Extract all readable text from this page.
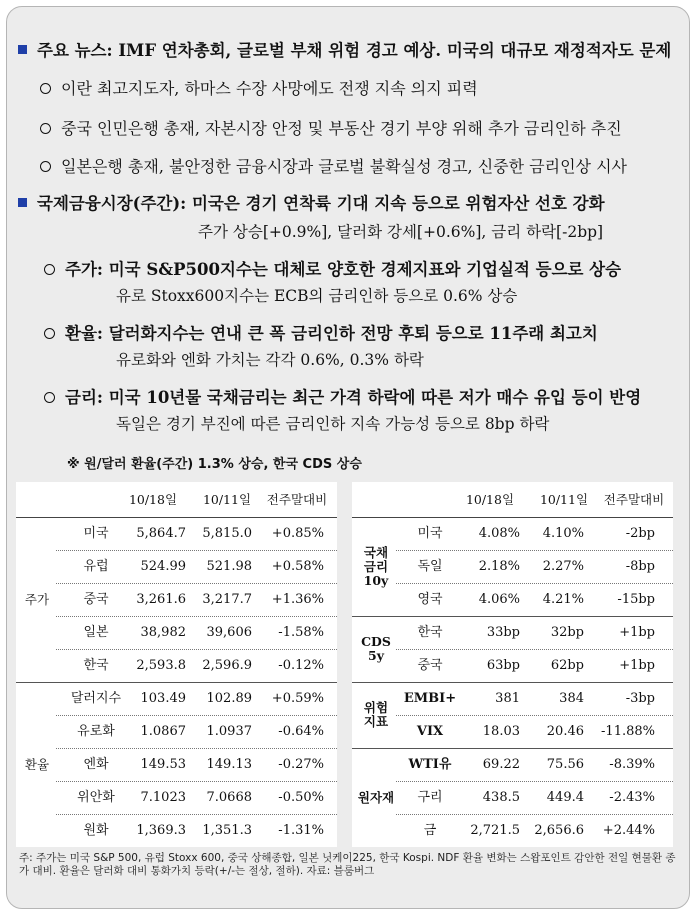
주요 뉴스: IMF 연차총회, 글로벌 부채 위험 경고 예상. 미국의 대규모 재정적자도 문제
이란 최고지도자, 하마스 수장 사망에도 전쟁 지속 의지 피력
중국 인민은행 총재, 자본시장 안정 및 부동산 경기 부양 위해 추가 금리인하 추진
일본은행 총재, 불안정한 금융시장과 글로벌 불확실성 경고, 신중한 금리인상 시사
국제금융시장(주간): 미국은 경기 연착륙 기대 지속 등으로 위험자산 선호 강화
주가 상승[+0.9%], 달러화 강세[+0.6%], 금리 하락[-2bp]
주가: 미국 S&P500지수는 대체로 양호한 경제지표와 기업실적 등으로 상승
유로 Stoxx600지수는 ECB의 금리인하 등으로 0.6% 상승
환율: 달러화지수는 연내 큰 폭 금리인하 전망 후퇴 등으로 11주래 최고치
유로화와 엔화 가치는 각각 0.6%, 0.3% 하락
금리: 미국 10년물 국채금리는 최근 가격 하락에 따른 저가 매수 유입 등이 반영
독일은 경기 부진에 따른 금리인하 지속 가능성 등으로 8bp 하락
※ 원/달러 환율(주간) 1.3% 상승, 한국 CDS 상승
10/18일	10/11일	전주말대비
미국	5,864.7	5,815.0	+0.85%
유럽	524.99	521.98	+0.58%
중국	3,261.6	3,217.7	+1.36%
일본	38,982	39,606	-1.58%
한국	2,593.8	2,596.9	-0.12%
주가
달러지수	103.49	102.89	+0.59%
유로화	1.0867	1.0937	-0.64%
엔화	149.53	149.13	-0.27%
위안화	7.1023	7.0668	-0.50%
원화	1,369.3	1,351.3	-1.31%
환율
10/18일	10/11일	전주말대비
미국	4.08%	4.10%	-2bp
독일	2.18%	2.27%	-8bp
영국	4.06%	4.21%	-15bp
국채
금리
10y
한국	33bp	32bp	+1bp
중국	63bp	62bp	+1bp
CDS
5y
EMBI+	381	384	-3bp
VIX	18.03	20.46	-11.88%
위험
지표
WTI유	69.22	75.56	-8.39%
구리	438.5	449.4	-2.43%
금	2,721.5	2,656.6	+2.44%
원자재
주: 주가는 미국 S&P 500, 유럽 Stoxx 600, 중국 상해종합, 일본 닛케이225, 한국 Kospi. NDF 환율 변화는 스왑포인트 감안한 전일 현물환 종가 대비. 환율은 달러화 대비 통화가치 등락(+/-는 절상, 절하). 자료: 블룸버그
